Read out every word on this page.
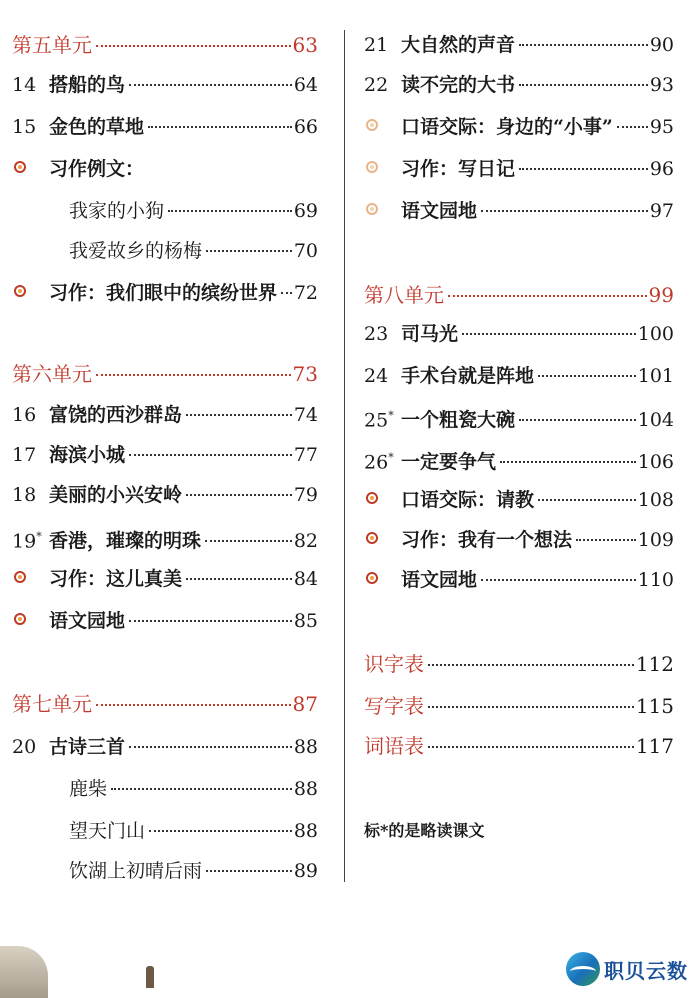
第五单元	63
14 搭船的鸟	64
15 金色的草地	66
习作例文：
我家的小狗	69
我爱故乡的杨梅	70
习作：我们眼中的缤纷世界 72
第六单元	73
16 富饶的西沙群岛	74
17 海滨小城	77
18 美丽的小兴安岭	79
19* 香港，璀璨的明珠	82
习作：这儿真美	84
语文园地	85
第七单元	87
20 古诗三首	88
鹿柴	88
望天门山	88
饮湖上初晴后雨	89
21 大自然的声音	90
22 读不完的大书	93
口语交际：身边的“小事” 95
习作：写日记	96
语文园地	97
第八单元	99
23 司马光	100
24 手术台就是阵地	101
25* 一个粗瓷大碗	104
26* 一定要争气	106
口语交际：请教	108
习作：我有一个想法	109
语文园地	110
识字表	112
写字表	115
词语表	117
标*的是略读课文
职贝云数
